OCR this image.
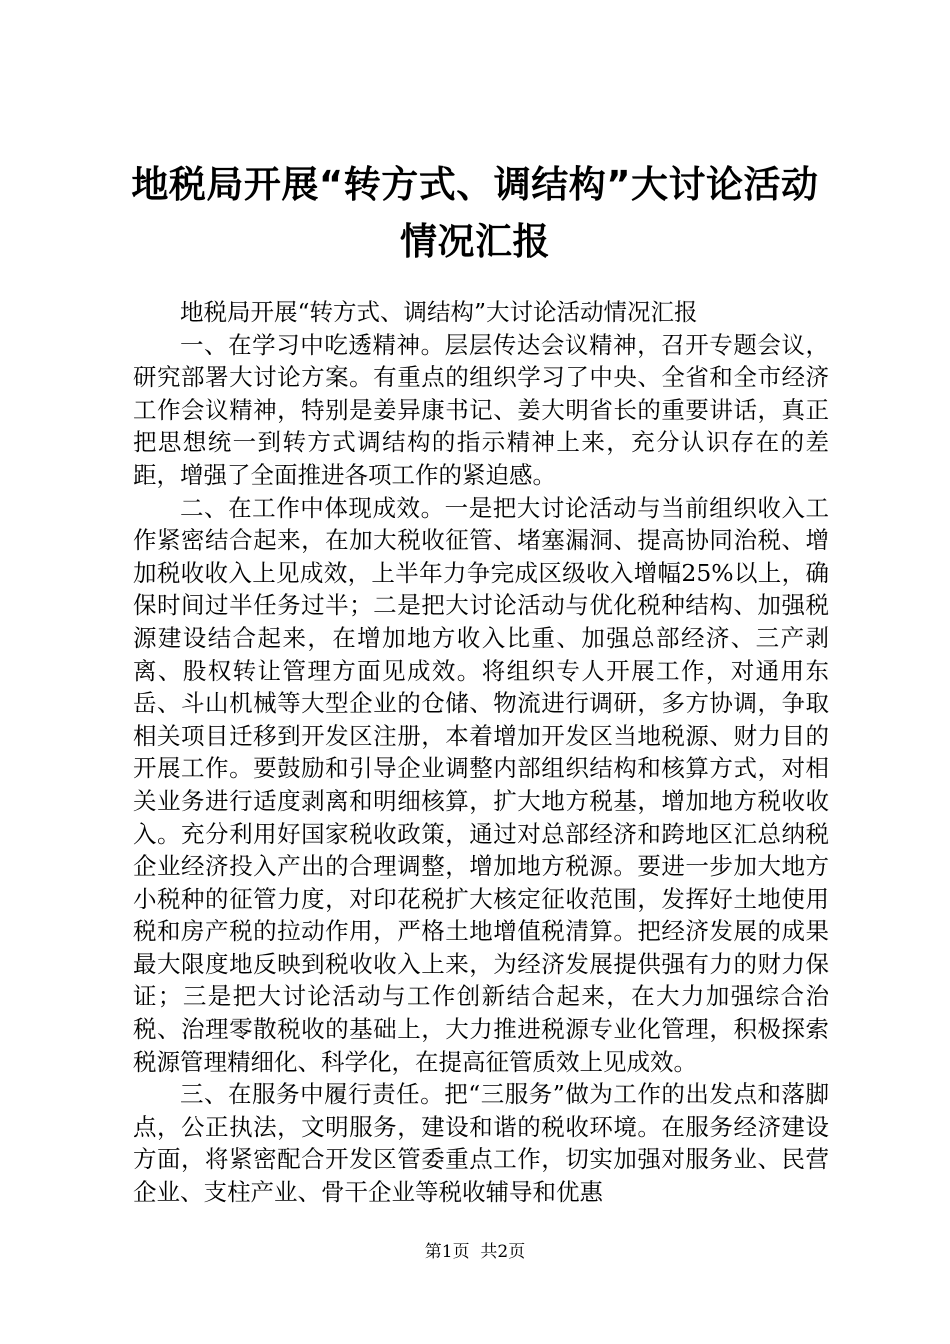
地税局开展“转方式、调结构”大讨论活动情况汇报

地税局开展“转方式、调结构”大讨论活动情况汇报

一、在学习中吃透精神。层层传达会议精神，召开专题会议，研究部署大讨论方案。有重点的组织学习了中央、全省和全市经济工作会议精神，特别是姜异康书记、姜大明省长的重要讲话，真正把思想统一到转方式调结构的指示精神上来，充分认识存在的差距，增强了全面推进各项工作的紧迫感。

二、在工作中体现成效。一是把大讨论活动与当前组织收入工作紧密结合起来，在加大税收征管、堵塞漏洞、提高协同治税、增加税收收入上见成效，上半年力争完成区级收入增幅25%以上，确保时间过半任务过半；二是把大讨论活动与优化税种结构、加强税源建设结合起来，在增加地方收入比重、加强总部经济、三产剥离、股权转让管理方面见成效。将组织专人开展工作，对通用东岳、斗山机械等大型企业的仓储、物流进行调研，多方协调，争取相关项目迁移到开发区注册，本着增加开发区当地税源、财力目的开展工作。要鼓励和引导企业调整内部组织结构和核算方式，对相关业务进行适度剥离和明细核算，扩大地方税基，增加地方税收收入。充分利用好国家税收政策，通过对总部经济和跨地区汇总纳税企业经济投入产出的合理调整，增加地方税源。要进一步加大地方小税种的征管力度，对印花税扩大核定征收范围，发挥好土地使用税和房产税的拉动作用，严格土地增值税清算。把经济发展的成果最大限度地反映到税收收入上来，为经济发展提供强有力的财力保证；三是把大讨论活动与工作创新结合起来，在大力加强综合治税、治理零散税收的基础上，大力推进税源专业化管理，积极探索税源管理精细化、科学化，在提高征管质效上见成效。

三、在服务中履行责任。把“三服务”做为工作的出发点和落脚点，公正执法，文明服务，建设和谐的税收环境。在服务经济建设方面，将紧密配合开发区管委重点工作，切实加强对服务业、民营企业、支柱产业、骨干企业等税收辅导和优惠

第1页 共2页
